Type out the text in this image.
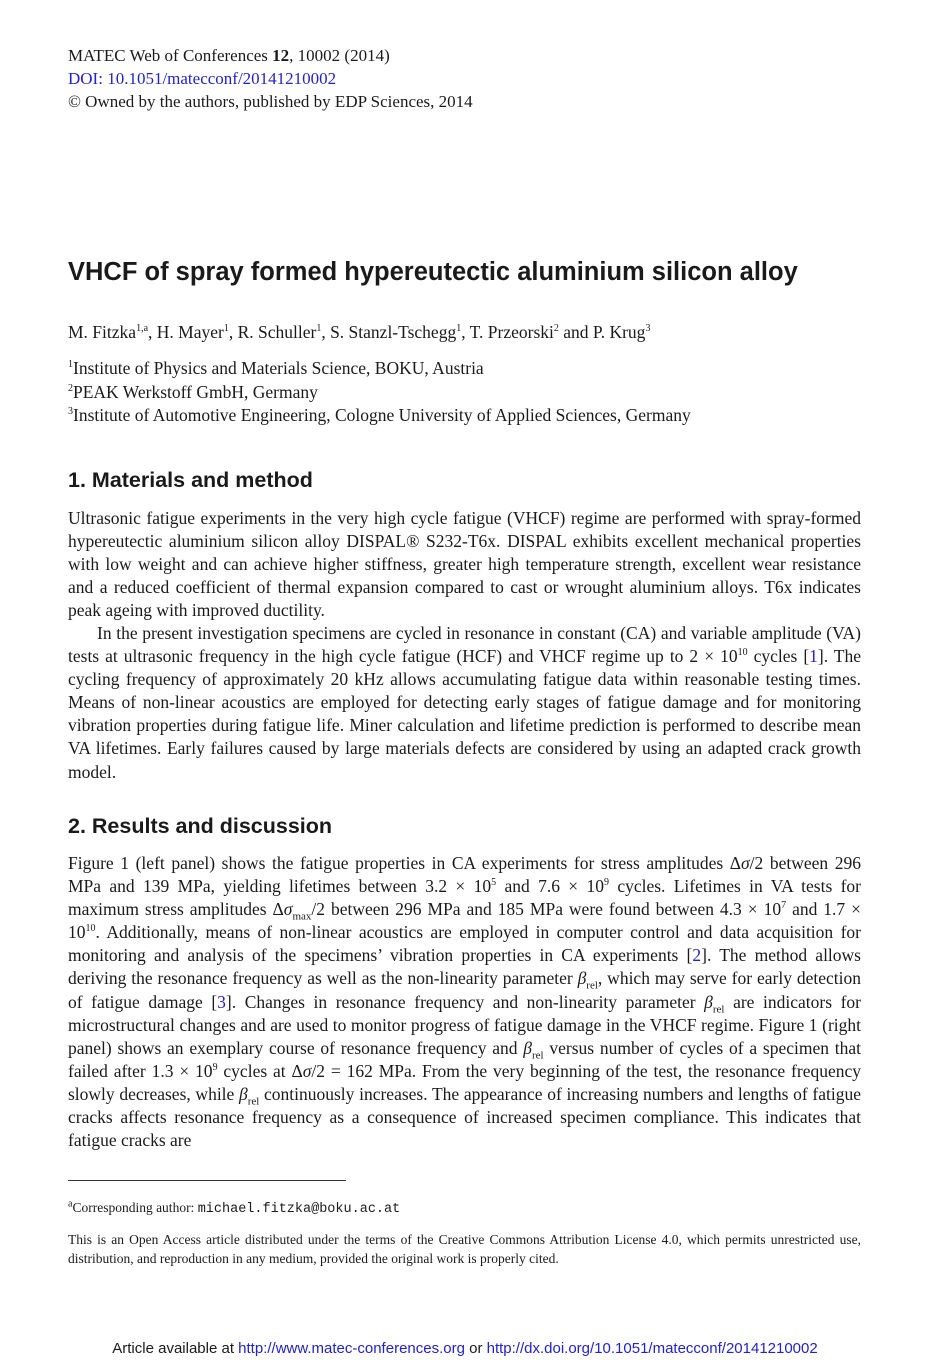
MATEC Web of Conferences 12, 10002 (2014)
DOI: 10.1051/matecconf/20141210002
© Owned by the authors, published by EDP Sciences, 2014
VHCF of spray formed hypereutectic aluminium silicon alloy
M. Fitzka$^{1,a}$, H. Mayer$^1$, R. Schuller$^1$, S. Stanzl-Tschegg$^1$, T. Przeorski$^2$ and P. Krug$^3$
$^1$Institute of Physics and Materials Science, BOKU, Austria
$^2$PEAK Werkstoff GmbH, Germany
$^3$Institute of Automotive Engineering, Cologne University of Applied Sciences, Germany
1. Materials and method

Ultrasonic fatigue experiments in the very high cycle fatigue (VHCF) regime are performed with spray-formed hypereutectic aluminium silicon alloy DISPAL® S232-T6x. DISPAL exhibits excellent mechanical properties with low weight and can achieve higher stiffness, greater high temperature strength, excellent wear resistance and a reduced coefficient of thermal expansion compared to cast or wrought aluminium alloys. T6x indicates peak ageing with improved ductility.

In the present investigation specimens are cycled in resonance in constant (CA) and variable amplitude (VA) tests at ultrasonic frequency in the high cycle fatigue (HCF) and VHCF regime up to $2 \times 10^{10}$ cycles [1]. The cycling frequency of approximately 20 kHz allows accumulating fatigue data within reasonable testing times. Means of non-linear acoustics are employed for detecting early stages of fatigue damage and for monitoring vibration properties during fatigue life. Miner calculation and lifetime prediction is performed to describe mean VA lifetimes. Early failures caused by large materials defects are considered by using an adapted crack growth model.

2. Results and discussion

Figure 1 (left panel) shows the fatigue properties in CA experiments for stress amplitudes Δσ/2 between 296 MPa and 139 MPa, yielding lifetimes between $3.2 \times 10^5$ and $7.6 \times 10^9$ cycles. Lifetimes in VA tests for maximum stress amplitudes $\Delta\sigma_{max}/2$ between 296 MPa and 185 MPa were found between $4.3 \times 10^7$ and $1.7 \times 10^{10}$. Additionally, means of non-linear acoustics are employed in computer control and data acquisition for monitoring and analysis of the specimens’ vibration properties in CA experiments [2]. The method allows deriving the resonance frequency as well as the non-linearity parameter $\beta_{rel}$, which may serve for early detection of fatigue damage [3]. Changes in resonance frequency and non-linearity parameter $\beta_{rel}$ are indicators for microstructural changes and are used to monitor progress of fatigue damage in the VHCF regime. Figure 1 (right panel) shows an exemplary course of resonance frequency and $\beta_{rel}$ versus number of cycles of a specimen that failed after $1.3 \times 10^9$ cycles at Δσ/2 = 162 MPa. From the very beginning of the test, the resonance frequency slowly decreases, while $\beta_{rel}$ continuously increases. The appearance of increasing numbers and lengths of fatigue cracks affects resonance frequency as a consequence of increased specimen compliance. This indicates that fatigue cracks are

$^a$Corresponding author: michael.fitzka@boku.ac.at

This is an Open Access article distributed under the terms of the Creative Commons Attribution License 4.0, which permits unrestricted use, distribution, and reproduction in any medium, provided the original work is properly cited.

Article available at http://www.matec-conferences.org or http://dx.doi.org/10.1051/matecconf/20141210002
